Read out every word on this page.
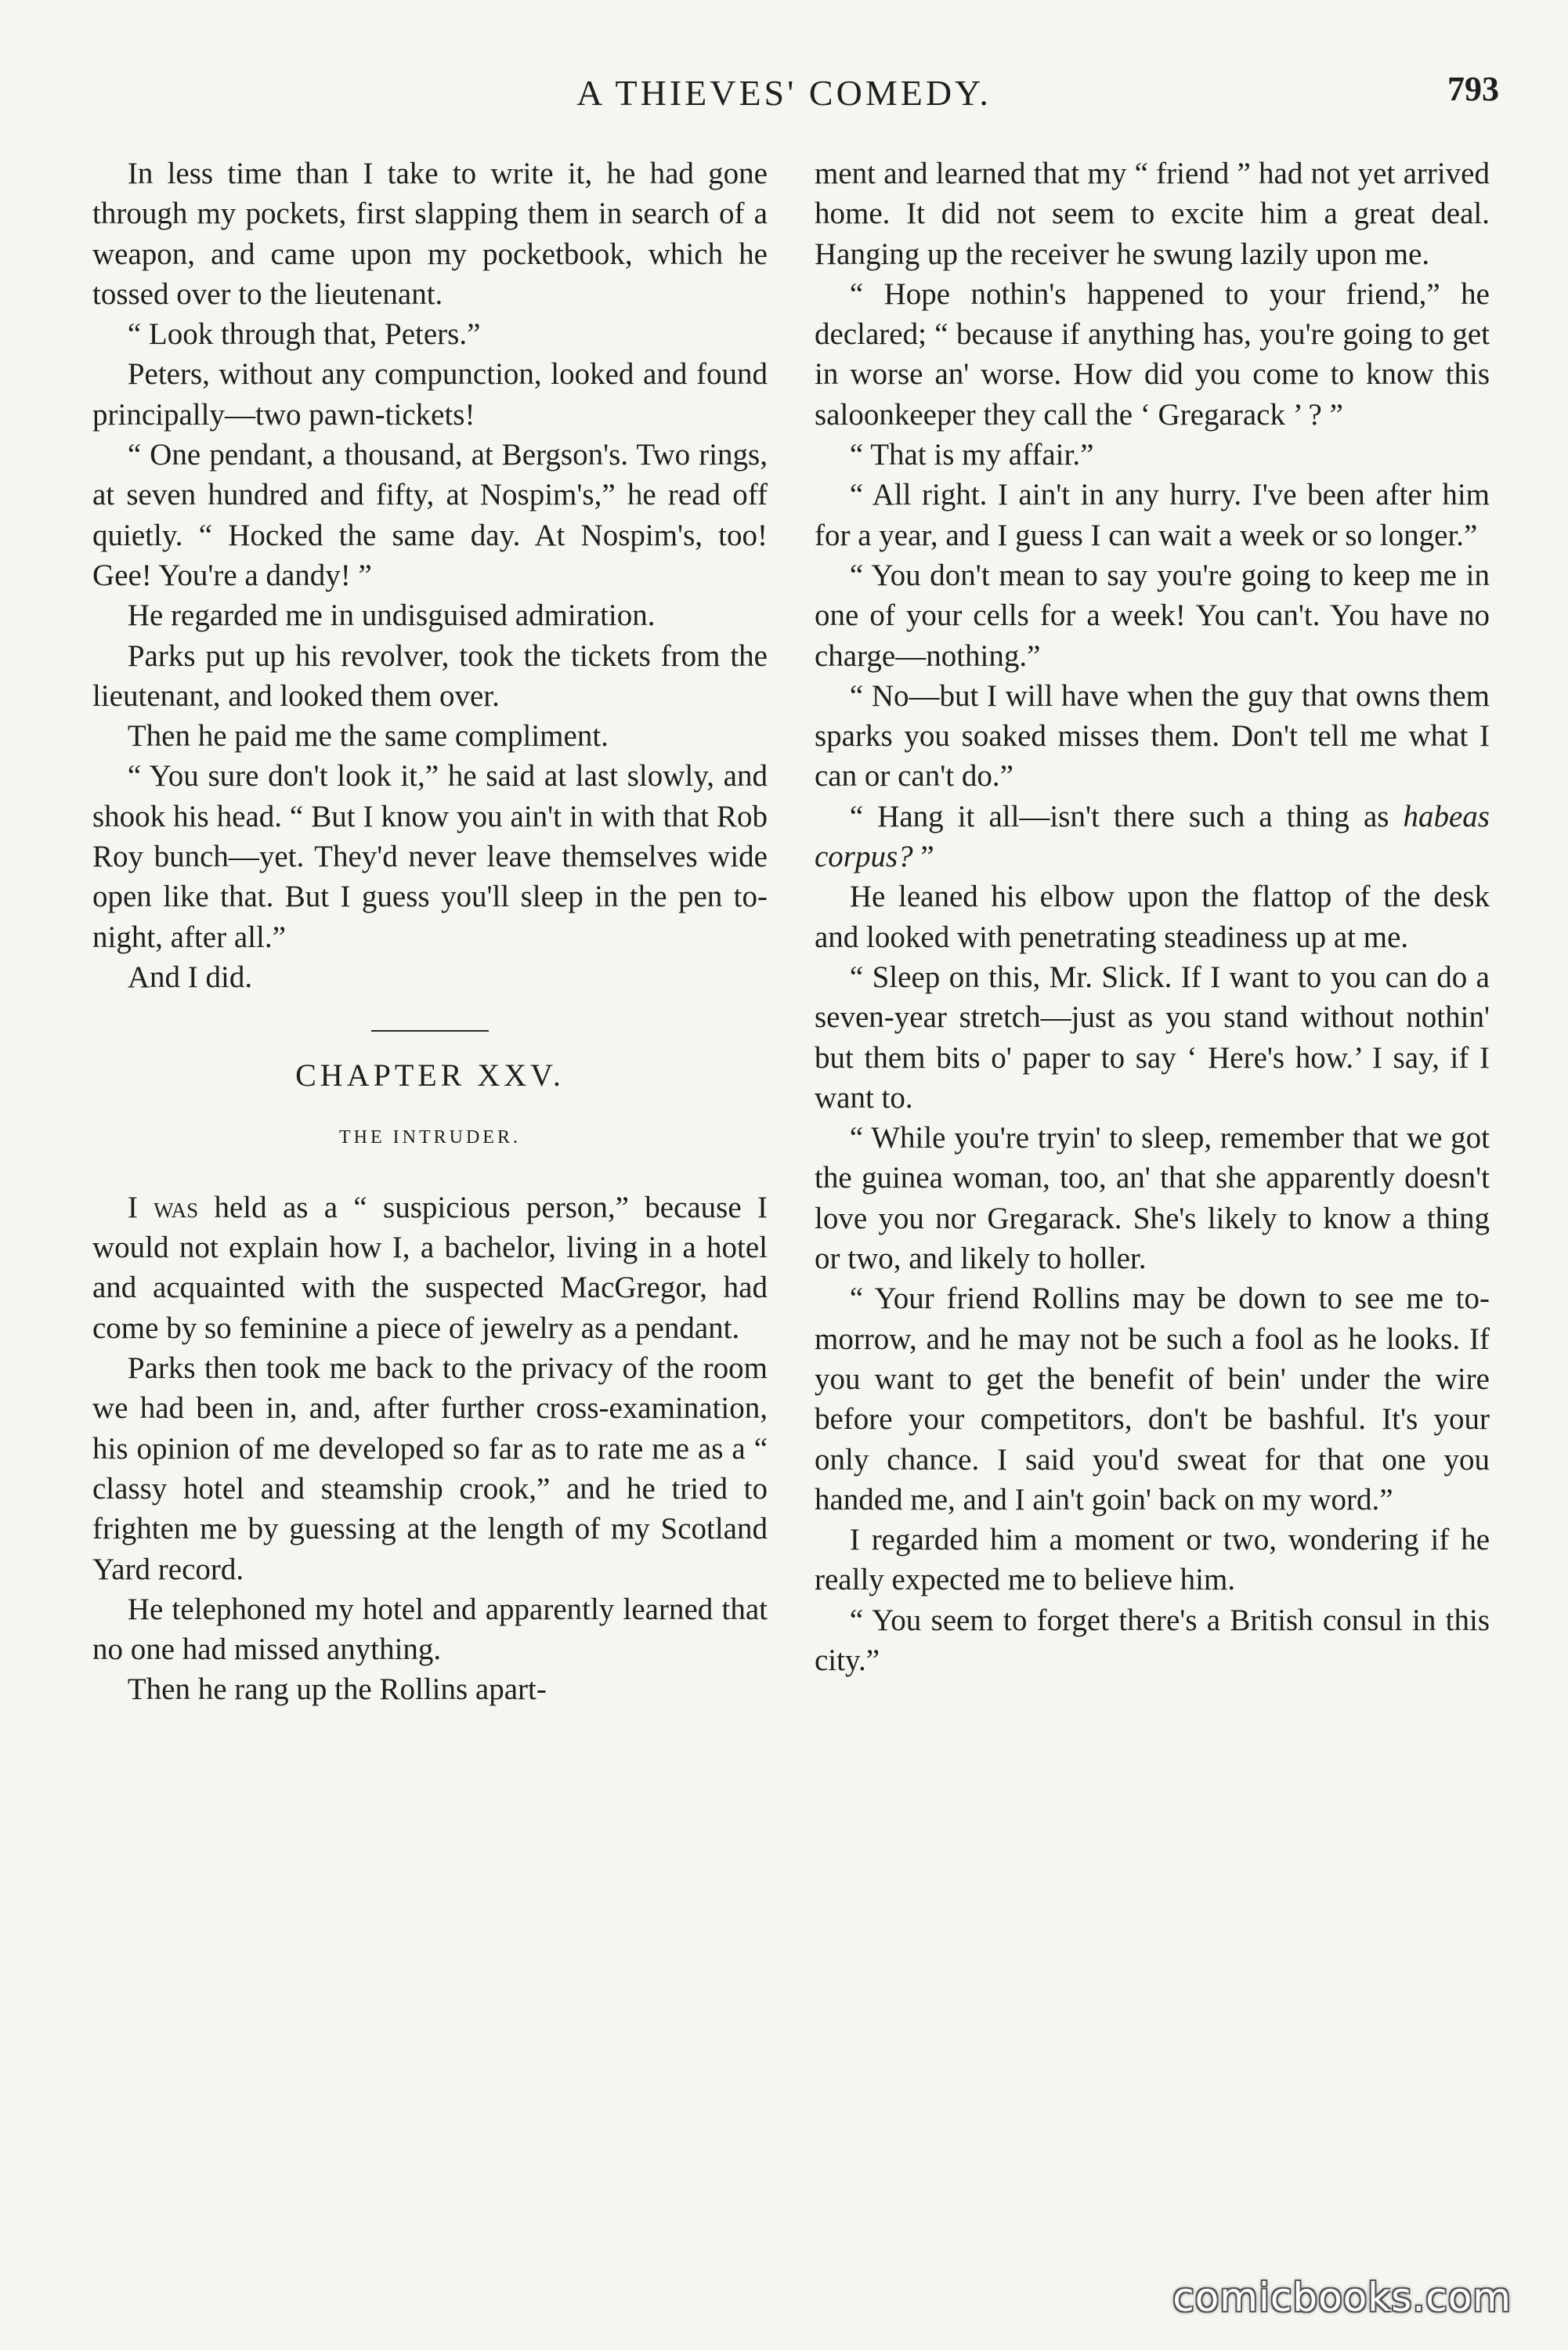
A THIEVES' COMEDY.	793

In less time than I take to write it, he had gone through my pockets, first slapping them in search of a weapon, and came upon my pocketbook, which he tossed over to the lieutenant.

“ Look through that, Peters.”

Peters, without any compunction, looked and found principally—two pawn-tickets!

“ One pendant, a thousand, at Bergson's. Two rings, at seven hundred and fifty, at Nospim's,” he read off quietly. “ Hocked the same day. At Nospim's, too! Gee! You're a dandy! ”

He regarded me in undisguised admiration.

Parks put up his revolver, took the tickets from the lieutenant, and looked them over.

Then he paid me the same compliment.

“ You sure don't look it,” he said at last slowly, and shook his head. “ But I know you ain't in with that Rob Roy bunch—yet. They'd never leave themselves wide open like that. But I guess you'll sleep in the pen to-night, after all.”

And I did.

CHAPTER XXV.
THE INTRUDER.

I was held as a “ suspicious person,” because I would not explain how I, a bachelor, living in a hotel and acquainted with the suspected MacGregor, had come by so feminine a piece of jewelry as a pendant.

Parks then took me back to the privacy of the room we had been in, and, after further cross-examination, his opinion of me developed so far as to rate me as a “ classy hotel and steamship crook,” and he tried to frighten me by guessing at the length of my Scotland Yard record.

He telephoned my hotel and apparently learned that no one had missed anything.

Then he rang up the Rollins apart-

ment and learned that my “ friend ” had not yet arrived home. It did not seem to excite him a great deal. Hanging up the receiver he swung lazily upon me.

“ Hope nothin's happened to your friend,” he declared; “ because if anything has, you're going to get in worse an' worse. How did you come to know this saloonkeeper they call the ‘ Gregarack ’ ? ”

“ That is my affair.”

“ All right. I ain't in any hurry. I've been after him for a year, and I guess I can wait a week or so longer.”

“ You don't mean to say you're going to keep me in one of your cells for a week! You can't. You have no charge—nothing.”

“ No—but I will have when the guy that owns them sparks you soaked misses them. Don't tell me what I can or can't do.”

“ Hang it all—isn't there such a thing as habeas corpus? ”

He leaned his elbow upon the flattop of the desk and looked with penetrating steadiness up at me.

“ Sleep on this, Mr. Slick. If I want to you can do a seven-year stretch—just as you stand without nothin' but them bits o' paper to say ‘ Here's how.’ I say, if I want to.

“ While you're tryin' to sleep, remember that we got the guinea woman, too, an' that she apparently doesn't love you nor Gregarack. She's likely to know a thing or two, and likely to holler.

“ Your friend Rollins may be down to see me to-morrow, and he may not be such a fool as he looks. If you want to get the benefit of bein' under the wire before your competitors, don't be bashful. It's your only chance. I said you'd sweat for that one you handed me, and I ain't goin' back on my word.”

I regarded him a moment or two, wondering if he really expected me to believe him.

“ You seem to forget there's a British consul in this city.”

comicbooks.com
